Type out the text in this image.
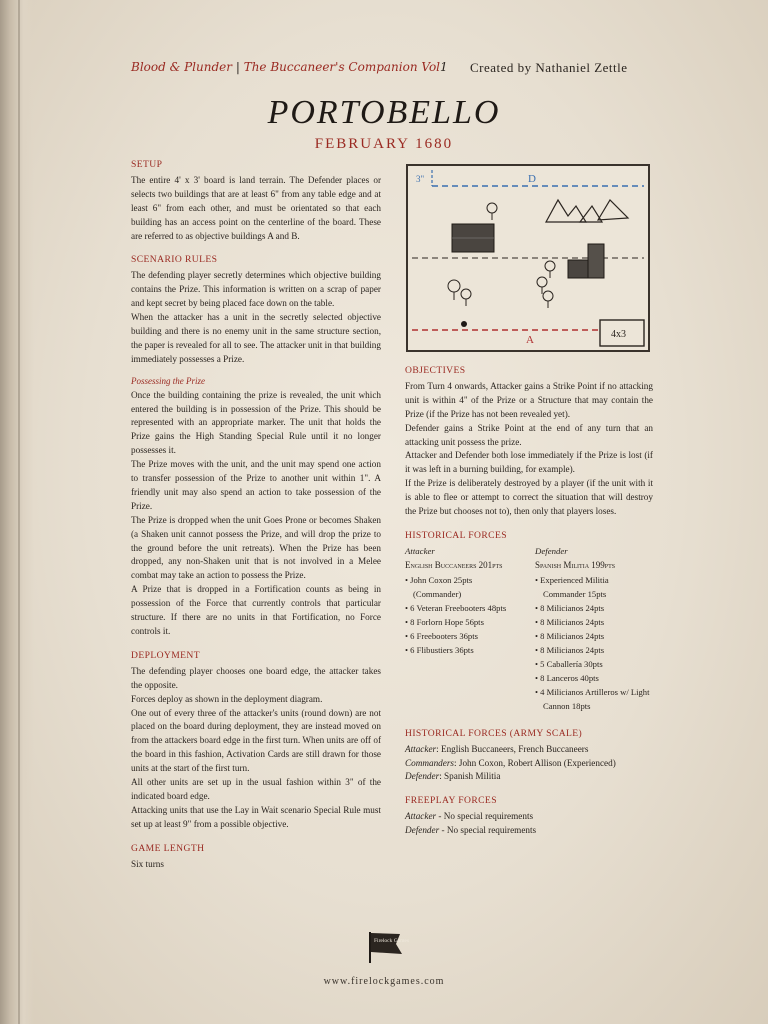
Blood & Plunder | The Buccaneer's Companion Vol1 Created by Nathaniel Zettle
PORTOBELLO
FEBRUARY 1680
SETUP

The entire 4' x 3' board is land terrain. The Defender places or selects two buildings that are at least 6" from any table edge and at least 6" from each other, and must be orientated so that each building has an access point on the centerline of the board. These are referred to as objective buildings A and B.

SCENARIO RULES

The defending player secretly determines which objective building contains the Prize. This information is written on a scrap of paper and kept secret by being placed face down on the table.

When the attacker has a unit in the secretly selected objective building and there is no enemy unit in the same structure section, the paper is revealed for all to see. The attacker unit in that building immediately possesses a Prize.

Possessing the Prize

Once the building containing the prize is revealed, the unit which entered the building is in possession of the Prize. This should be represented with an appropriate marker. The unit that holds the Prize gains the High Standing Special Rule until it no longer possesses it.

The Prize moves with the unit, and the unit may spend one action to transfer possession of the Prize to another unit within 1". A friendly unit may also spend an action to take possession of the Prize.

The Prize is dropped when the unit Goes Prone or becomes Shaken (a Shaken unit cannot possess the Prize, and will drop the prize to the ground before the unit retreats). When the Prize has been dropped, any non-Shaken unit that is not involved in a Melee combat may take an action to possess the Prize.

A Prize that is dropped in a Fortification counts as being in possession of the Force that currently controls that particular structure. If there are no units in that Fortification, no Force controls it.

DEPLOYMENT

The defending player chooses one board edge, the attacker takes the opposite.

Forces deploy as shown in the deployment diagram.

One out of every three of the attacker's units (round down) are not placed on the board during deployment, they are instead moved on from the attackers board edge in the first turn. When units are off of the board in this fashion, Activation Cards are still drawn for those units at the start of the first turn.

All other units are set up in the usual fashion within 3" of the indicated board edge.

Attacking units that use the Lay in Wait scenario Special Rule must set up at least 9" from a possible objective.

GAME LENGTH

Six turns

3"	D
A	4x3
OBJECTIVES

From Turn 4 onwards, Attacker gains a Strike Point if no attacking unit is within 4" of the Prize or a Structure that may contain the Prize (if the Prize has not been revealed yet).

Defender gains a Strike Point at the end of any turn that an attacking unit possess the prize.

Attacker and Defender both lose immediately if the Prize is lost (if it was left in a burning building, for example).

If the Prize is deliberately destroyed by a player (if the unit with it is able to flee or attempt to correct the situation that will destroy the Prize but chooses not to), then only that players loses.

HISTORICAL FORCES
Attacker
English Buccaneers 201pts
• John Coxon 25pts
(Commander)
• 6 Veteran Freebooters 48pts
• 8 Forlorn Hope 56pts
• 6 Freebooters 36pts
• 6 Flibustiers 36pts
Defender
Spanish Militia 199pts
• Experienced Militia
Commander 15pts
• 8 Milicianos 24pts
• 8 Milicianos 24pts
• 8 Milicianos 24pts
• 8 Milicianos 24pts
• 5 Caballería 30pts
• 8 Lanceros 40pts
• 4 Milicianos Artilleros w/ Light
Cannon 18pts
HISTORICAL FORCES (ARMY SCALE)

Attacker: English Buccaneers, French Buccaneers

Commanders: John Coxon, Robert Allison (Experienced)

Defender: Spanish Militia

FREEPLAY FORCES

Attacker - No special requirements

Defender - No special requirements

Firelock Games
www.firelockgames.com
